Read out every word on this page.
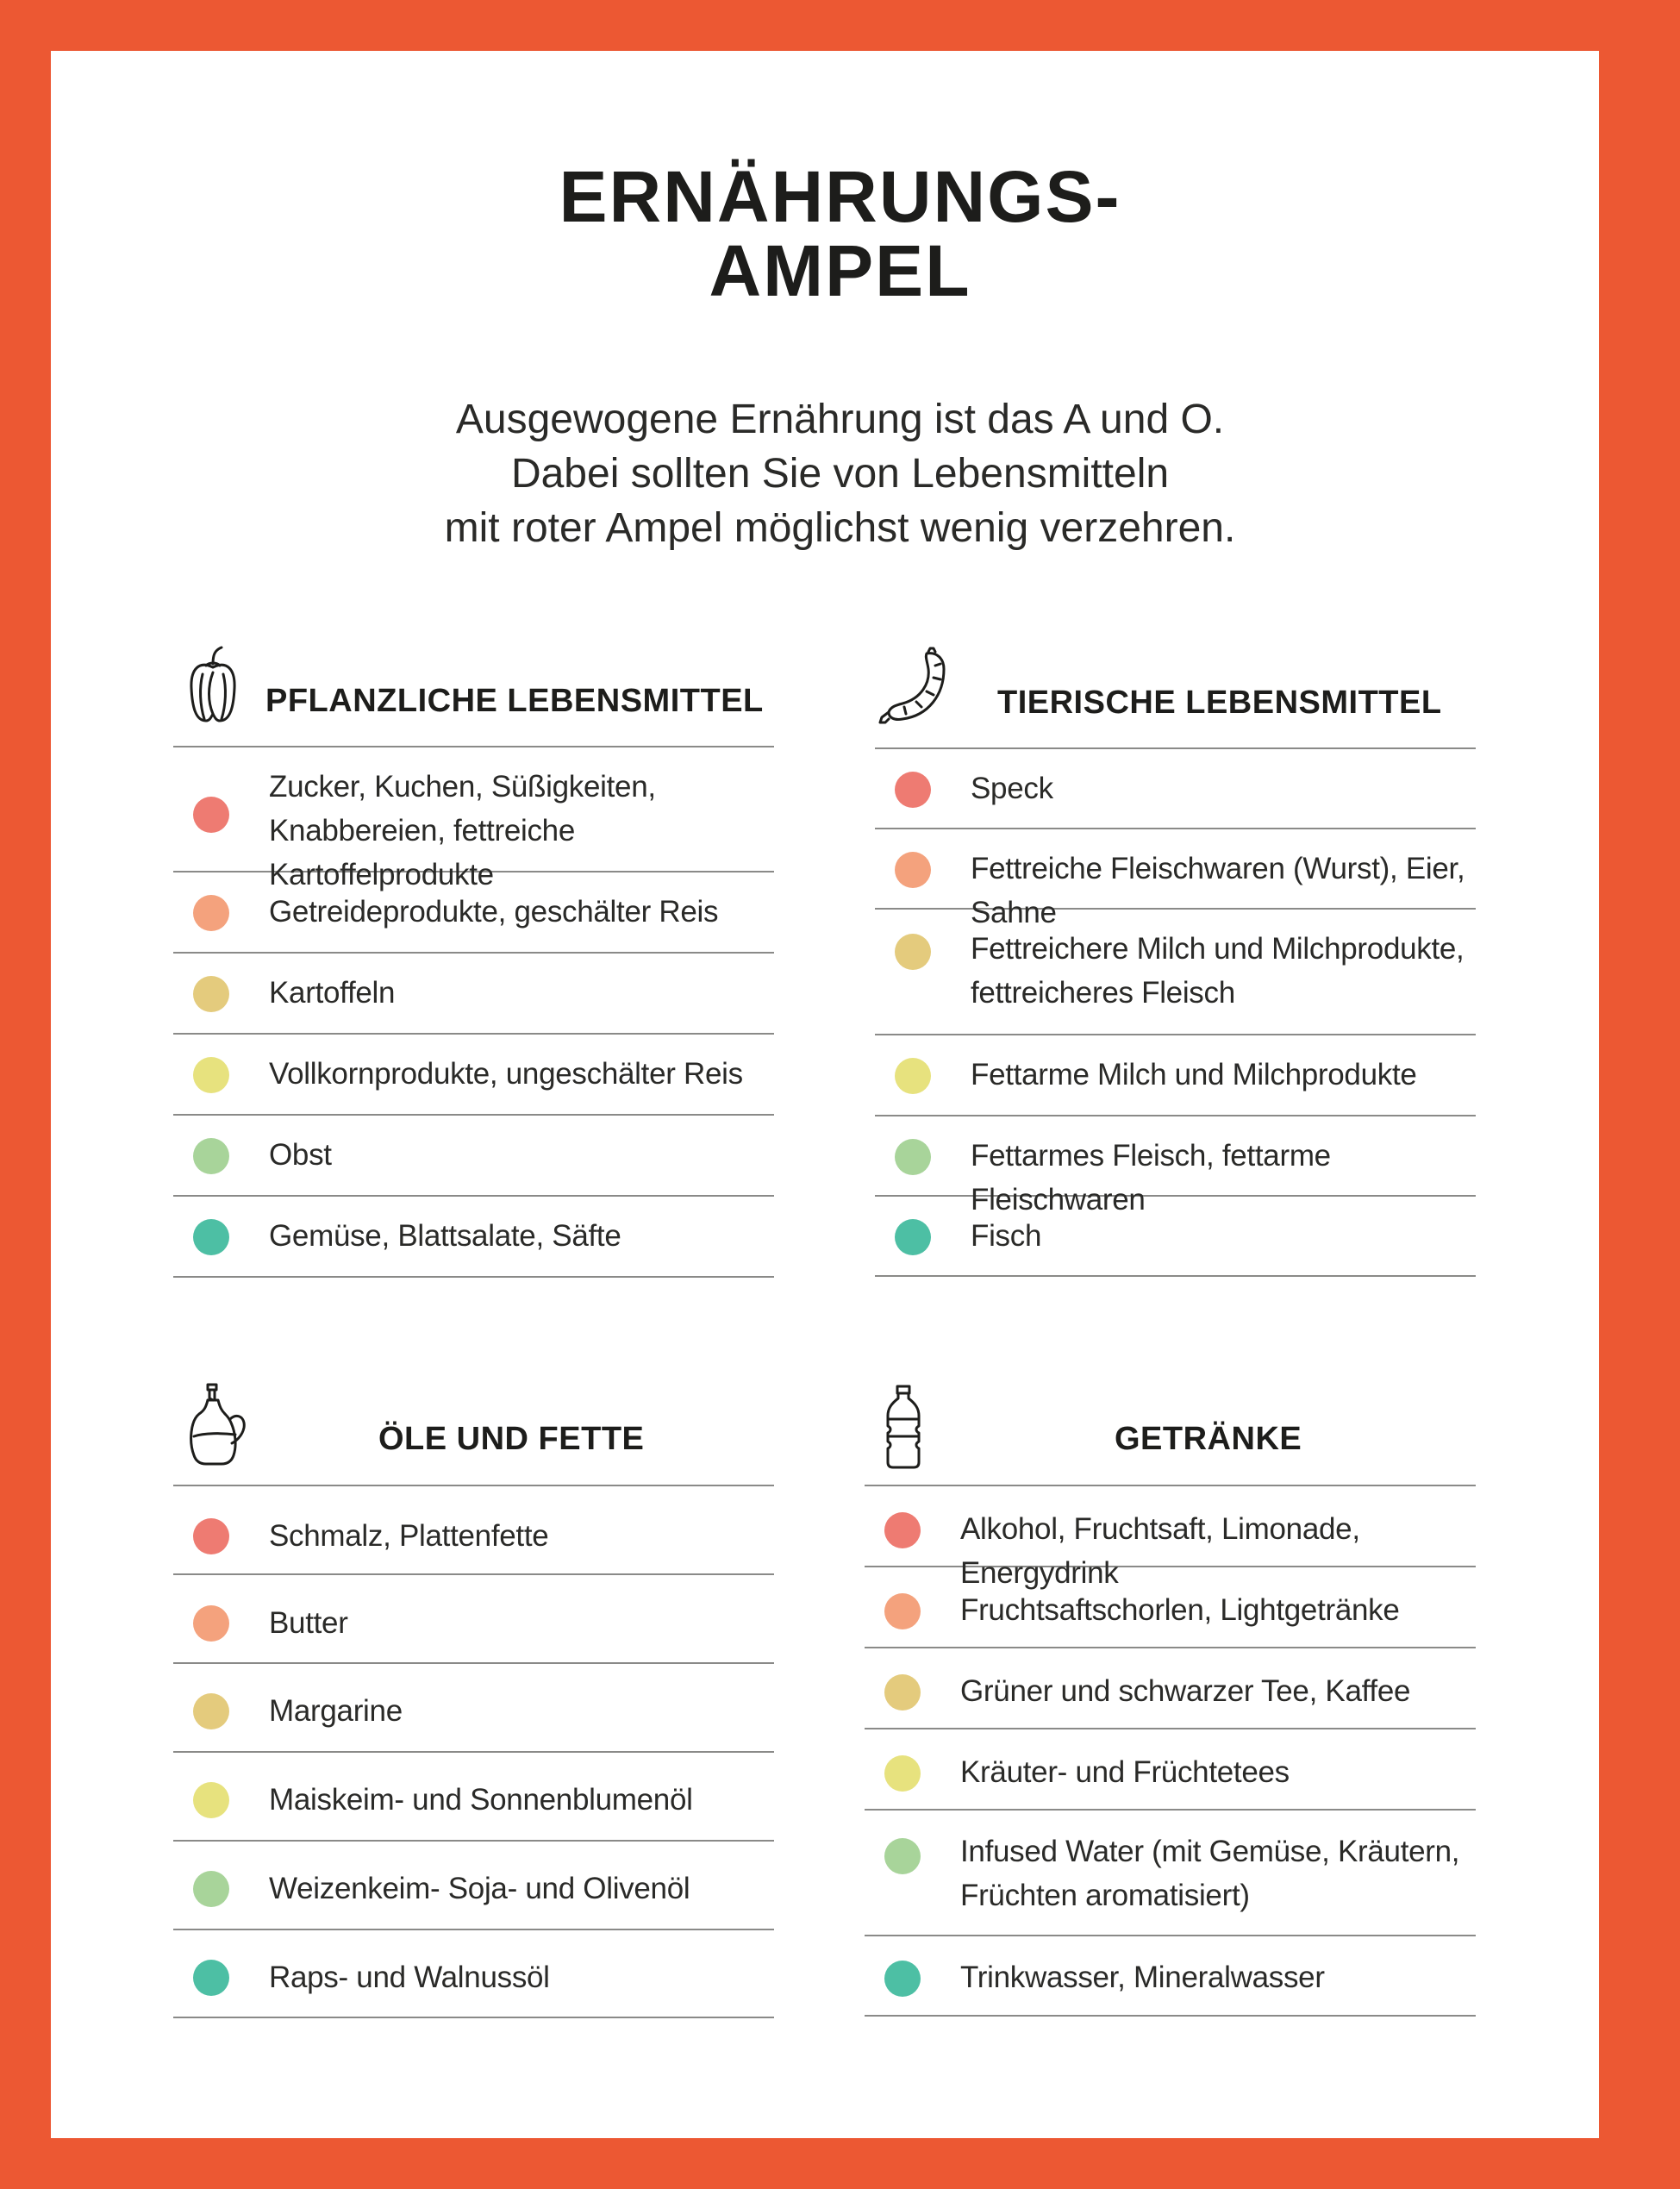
ERNÄHRUNGS-
AMPEL
Ausgewogene Ernährung ist das A und O.
Dabei sollten Sie von Lebensmitteln
mit roter Ampel möglichst wenig verzehren.
PFLANZLICHE LEBENSMITTEL
Zucker, Kuchen, Süßigkeiten, Knabbereien, fettreiche Kartoffelprodukte
Getreideprodukte, geschälter Reis
Kartoffeln
Vollkornprodukte, ungeschälter Reis
Obst
Gemüse, Blattsalate, Säfte
TIERISCHE LEBENSMITTEL
Speck
Fettreiche Fleischwaren (Wurst), Eier, Sahne
Fettreichere Milch und Milchprodukte, fettreicheres Fleisch
Fettarme Milch und Milchprodukte
Fettarmes Fleisch, fettarme Fleischwaren
Fisch
ÖLE UND FETTE
Schmalz, Plattenfette
Butter
Margarine
Maiskeim- und Sonnenblumenöl
Weizenkeim- Soja- und Olivenöl
Raps- und Walnussöl
GETRÄNKE
Alkohol, Fruchtsaft, Limonade, Energydrink
Fruchtsaftschorlen, Lightgetränke
Grüner und schwarzer Tee, Kaffee
Kräuter- und Früchtetees
Infused Water (mit Gemüse, Kräutern, Früchten aromatisiert)
Trinkwasser, Mineralwasser
